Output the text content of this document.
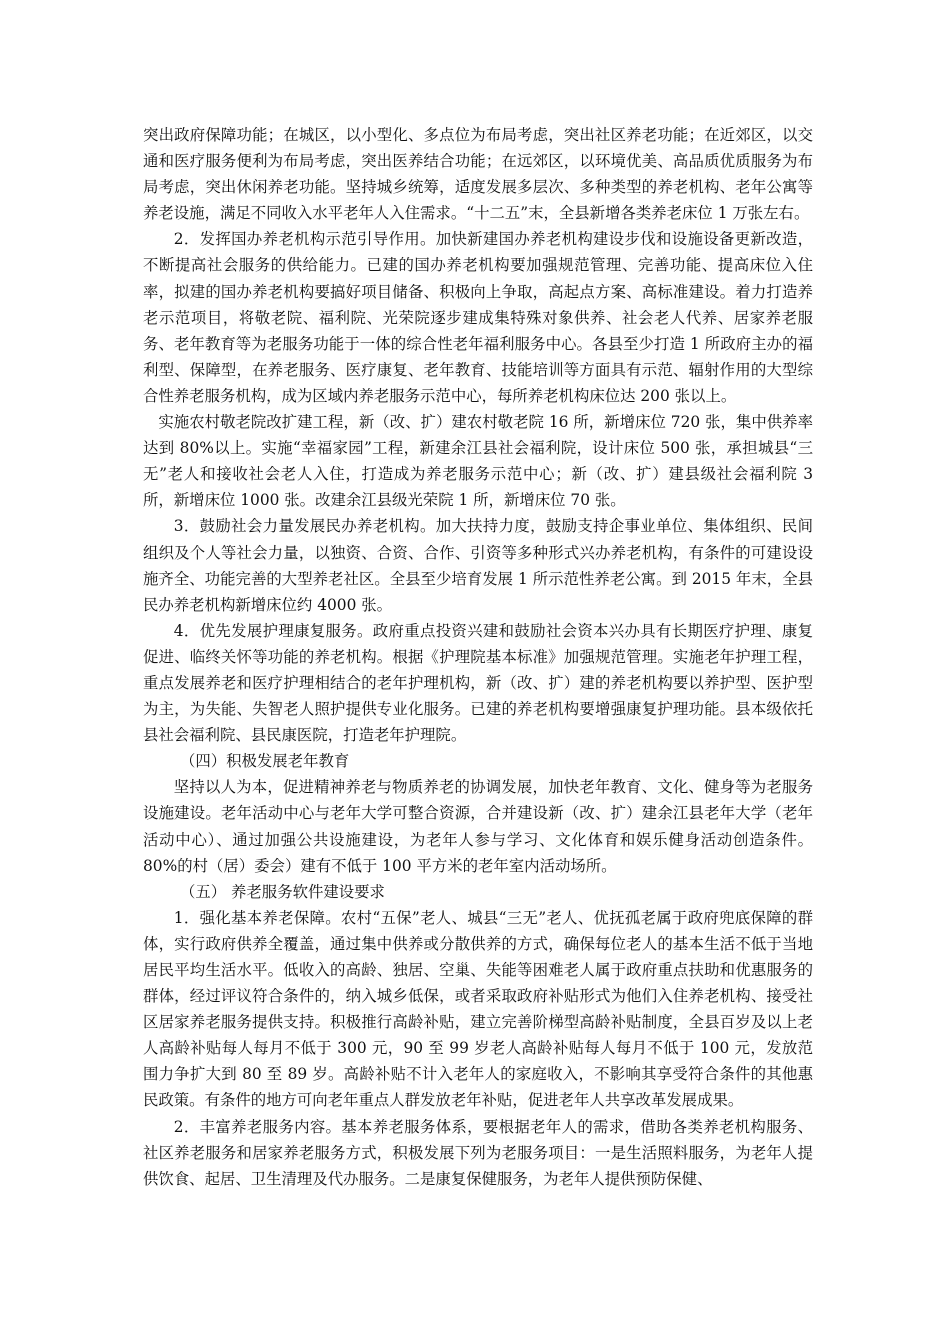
突出政府保障功能；在城区，以小型化、多点位为布局考虑，突出社区养老功能；在近郊区，以交通和医疗服务便利为布局考虑，突出医养结合功能；在远郊区，以环境优美、高品质优质服务为布局考虑，突出休闲养老功能。坚持城乡统筹，适度发展多层次、多种类型的养老机构、老年公寓等养老设施，满足不同收入水平老年人入住需求。“十二五”末，全县新增各类养老床位 1 万张左右。

2．发挥国办养老机构示范引导作用。加快新建国办养老机构建设步伐和设施设备更新改造，不断提高社会服务的供给能力。已建的国办养老机构要加强规范管理、完善功能、提高床位入住率，拟建的国办养老机构要搞好项目储备、积极向上争取，高起点方案、高标准建设。着力打造养老示范项目，将敬老院、福利院、光荣院逐步建成集特殊对象供养、社会老人代养、居家养老服务、老年教育等为老服务功能于一体的综合性老年福利服务中心。各县至少打造 1 所政府主办的福利型、保障型，在养老服务、医疗康复、老年教育、技能培训等方面具有示范、辐射作用的大型综合性养老服务机构，成为区域内养老服务示范中心，每所养老机构床位达 200 张以上。

实施农村敬老院改扩建工程，新（改、扩）建农村敬老院 16 所，新增床位 720 张，集中供养率达到 80%以上。实施“幸福家园”工程，新建余江县社会福利院，设计床位 500 张，承担城县“三无”老人和接收社会老人入住，打造成为养老服务示范中心；新（改、扩）建县级社会福利院 3 所，新增床位 1000 张。改建余江县级光荣院 1 所，新增床位 70 张。

3．鼓励社会力量发展民办养老机构。加大扶持力度，鼓励支持企事业单位、集体组织、民间组织及个人等社会力量，以独资、合资、合作、引资等多种形式兴办养老机构，有条件的可建设设施齐全、功能完善的大型养老社区。全县至少培育发展 1 所示范性养老公寓。到 2015 年末，全县民办养老机构新增床位约 4000 张。

4．优先发展护理康复服务。政府重点投资兴建和鼓励社会资本兴办具有长期医疗护理、康复促进、临终关怀等功能的养老机构。根据《护理院基本标准》加强规范管理。实施老年护理工程，重点发展养老和医疗护理相结合的老年护理机构，新（改、扩）建的养老机构要以养护型、医护型为主，为失能、失智老人照护提供专业化服务。已建的养老机构要增强康复护理功能。县本级依托县社会福利院、县民康医院，打造老年护理院。

（四）积极发展老年教育

坚持以人为本，促进精神养老与物质养老的协调发展，加快老年教育、文化、健身等为老服务设施建设。老年活动中心与老年大学可整合资源，合并建设新（改、扩）建余江县老年大学（老年活动中心）、通过加强公共设施建设，为老年人参与学习、文化体育和娱乐健身活动创造条件。80%的村（居）委会）建有不低于 100 平方米的老年室内活动场所。

（五） 养老服务软件建设要求

1．强化基本养老保障。农村“五保”老人、城县“三无”老人、优抚孤老属于政府兜底保障的群体，实行政府供养全覆盖，通过集中供养或分散供养的方式，确保每位老人的基本生活不低于当地居民平均生活水平。低收入的高龄、独居、空巢、失能等困难老人属于政府重点扶助和优惠服务的群体，经过评议符合条件的，纳入城乡低保，或者采取政府补贴形式为他们入住养老机构、接受社区居家养老服务提供支持。积极推行高龄补贴，建立完善阶梯型高龄补贴制度，全县百岁及以上老人高龄补贴每人每月不低于 300 元，90 至 99 岁老人高龄补贴每人每月不低于 100 元，发放范围力争扩大到 80 至 89 岁。高龄补贴不计入老年人的家庭收入，不影响其享受符合条件的其他惠民政策。有条件的地方可向老年重点人群发放老年补贴，促进老年人共享改革发展成果。

2．丰富养老服务内容。基本养老服务体系，要根据老年人的需求，借助各类养老机构服务、社区养老服务和居家养老服务方式，积极发展下列为老服务项目：一是生活照料服务，为老年人提供饮食、起居、卫生清理及代办服务。二是康复保健服务，为老年人提供预防保健、
